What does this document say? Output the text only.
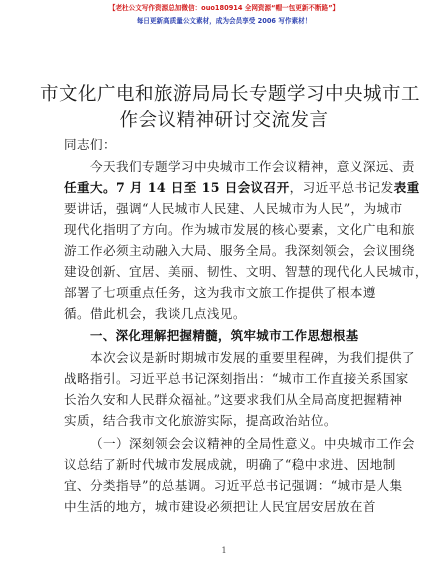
【老杜公文写作资源总加微信：ouo180914 全网资源“帽一包更新不断路”】
每日更新高质量公文素材，成为会员享受 2006 写作素材！
市文化广电和旅游局局长专题学习中央城市工
作会议精神研讨交流发言
同志们：
今天我们专题学习中央城市工作会议精神，意义深远、责
任重大。7 月 14 日至 15 日会议召开，习近平总书记发表重
要讲话，强调“人民城市人民建、人民城市为人民”，为城市
现代化指明了方向。作为城市发展的核心要素，文化广电和旅
游工作必须主动融入大局、服务全局。我深刻领会，会议围绕
建设创新、宜居、美丽、韧性、文明、智慧的现代化人民城市，
部署了七项重点任务，这为我市文旅工作提供了根本遵
循。借此机会，我谈几点浅见。
一、深化理解把握精髓，筑牢城市工作思想根基
本次会议是新时期城市发展的重要里程碑，为我们提供了
战略指引。习近平总书记深刻指出：“城市工作直接关系国家
长治久安和人民群众福祉。”这要求我们从全局高度把握精神
实质，结合我市文化旅游实际，提高政治站位。
（一）深刻领会会议精神的全局性意义。中央城市工作会
议总结了新时代城市发展成就，明确了“稳中求进、因地制
宜、分类指导”的总基调。习近平总书记强调：“城市是人集
中生活的地方，城市建设必须把让人民宜居安居放在首
1
